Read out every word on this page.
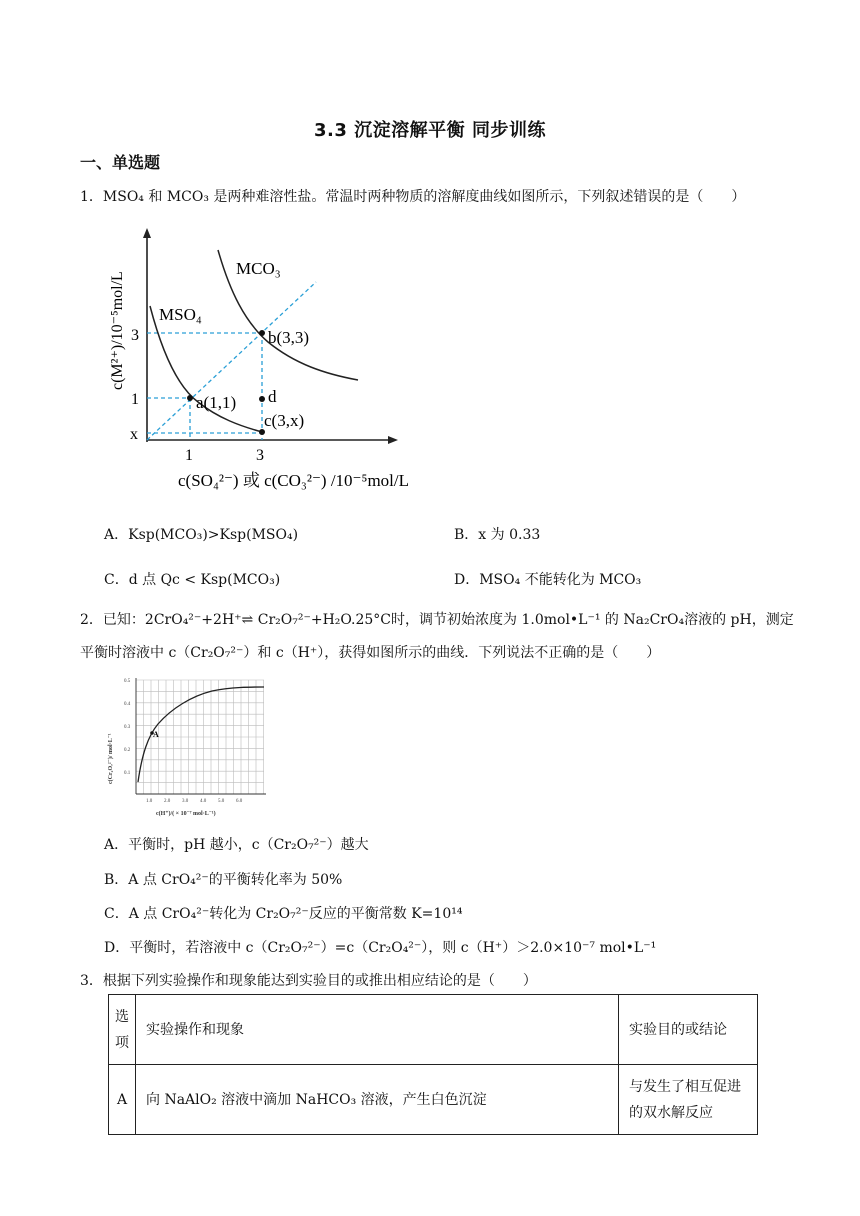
3.3 沉淀溶解平衡 同步训练
一、单选题
1．MSO₄ 和 MCO₃ 是两种难溶性盐。常温时两种物质的溶解度曲线如图所示，下列叙述错误的是（　　）
MCO₃
MSO₄
b(3,3)
a(1,1) d
c(3,x)
3
1
x
1	3
c(SO₄²⁻) 或 c(CO₃²⁻) /10⁻⁵mol/L
c(M²⁺)/10⁻⁵mol/L
A．Ksp(MCO₃)>Ksp(MSO₄)	B．x 为 0.33
C．d 点 Qc < Ksp(MCO₃)	D．MSO₄ 不能转化为 MCO₃
2．已知：2CrO₄²⁻+2H⁺⇌ Cr₂O₇²⁻+H₂O.25°C时，调节初始浓度为 1.0mol•L⁻¹ 的 Na₂CrO₄溶液的 pH，测定
平衡时溶液中 c（Cr₂O₇²⁻）和 c（H⁺），获得如图所示的曲线．下列说法不正确的是（　　）
A
0.5
0.4
0.3
0.2
0.1
1.0 2.0 3.0 4.0 5.0 6.0
c(H⁺)/( × 10⁻⁷ mol·L⁻¹)
c(Cr₂O₇²⁻)/ mol·L⁻¹
A．平衡时，pH 越小，c（Cr₂O₇²⁻）越大
B．A 点 CrO₄²⁻的平衡转化率为 50%
C．A 点 CrO₄²⁻转化为 Cr₂O₇²⁻反应的平衡常数 K=10¹⁴
D．平衡时，若溶液中 c（Cr₂O₇²⁻）=c（Cr₂O₄²⁻），则 c（H⁺）＞2.0×10⁻⁷ mol•L⁻¹
3．根据下列实验操作和现象能达到实验目的或推出相应结论的是（　　）
选项	实验操作和现象	实验目的或结论
A	向 NaAlO₂ 溶液中滴加 NaHCO₃ 溶液，产生白色沉淀	与发生了相互促进的双水解反应
